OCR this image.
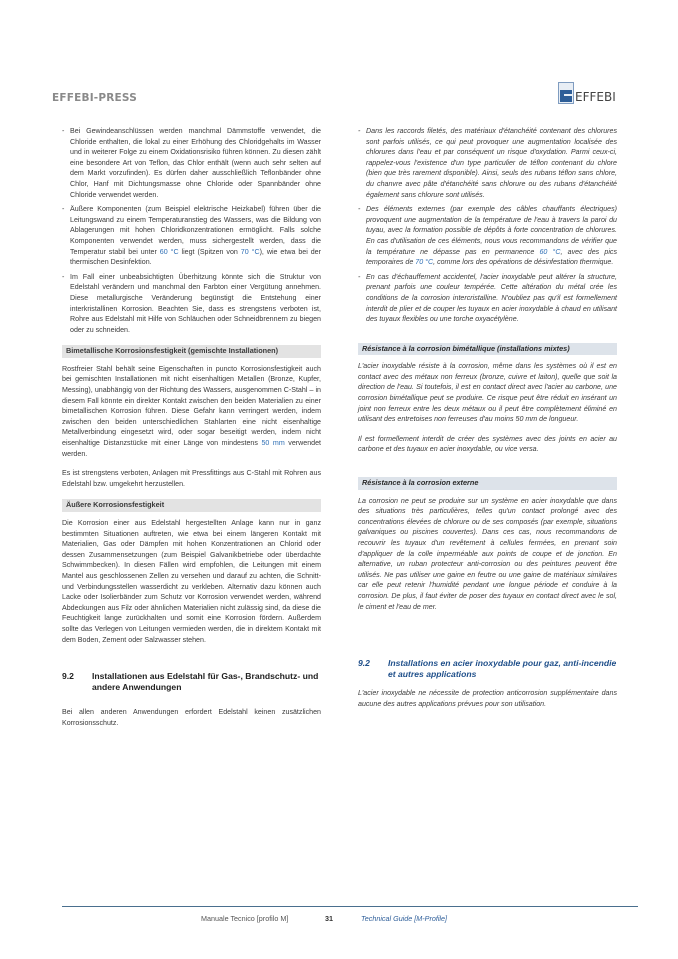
EFFEBI-PRESS	EFFEBI

- Bei Gewindeanschlüssen werden manchmal Dämmstoffe verwendet, die Chloride enthalten, die lokal zu einer Erhöhung des Chloridgehalts im Wasser und in weiterer Folge zu einem Oxidationsrisiko führen können. Zu diesen zählt eine besondere Art von Teflon, das Chlor enthält (wenn auch sehr selten auf dem Markt vorzufinden). Es dürfen daher ausschließlich Teflonbänder ohne Chlor, Hanf mit Dichtungsmasse ohne Chloride oder Spannbänder ohne Chloride verwendet werden.

- Äußere Komponenten (zum Beispiel elektrische Heizkabel) führen über die Leitungswand zu einem Temperaturanstieg des Wassers, was die Bildung von Ablagerungen mit hohen Chloridkonzentrationen ermöglicht. Falls solche Komponenten verwendet werden, muss sichergestellt werden, dass die Temperatur stabil bei unter 60 °C liegt (Spitzen von 70 °C), wie etwa bei der thermischen Desinfektion.

- Im Fall einer unbeabsichtigten Überhitzung könnte sich die Struktur von Edelstahl verändern und manchmal den Farbton einer Vergütung annehmen. Diese metallurgische Veränderung begünstigt die Entstehung einer interkristallinen Korrosion. Beachten Sie, dass es strengstens verboten ist, Rohre aus Edelstahl mit Hilfe von Schläuchen oder Schneidbrennern zu biegen oder zu schneiden.

Bimetallische Korrosionsfestigkeit (gemischte Installationen)

Rostfreier Stahl behält seine Eigenschaften in puncto Korrosionsfestigkeit auch bei gemischten Installationen mit nicht eisenhaltigen Metallen (Bronze, Kupfer, Messing), unabhängig von der Richtung des Wassers, ausgenommen C-Stahl – in diesem Fall könnte ein direkter Kontakt zwischen den beiden Materialien zu einer bimetallischen Korrosion führen. Diese Gefahr kann verringert werden, indem zwischen den beiden unterschiedlichen Stahlarten eine nicht eisenhaltige Metallverbindung eingesetzt wird, oder sogar beseitigt werden, indem nicht eisenhaltige Distanzstücke mit einer Länge von mindestens 50 mm verwendet werden.

Es ist strengstens verboten, Anlagen mit Pressfittings aus C-Stahl mit Rohren aus Edelstahl bzw. umgekehrt herzustellen.

Äußere Korrosionsfestigkeit

Die Korrosion einer aus Edelstahl hergestellten Anlage kann nur in ganz bestimmten Situationen auftreten, wie etwa bei einem längeren Kontakt mit Materialien, Gas oder Dämpfen mit hohen Konzentrationen an Chlorid oder dessen Zusammensetzungen (zum Beispiel Galvanikbetriebe oder überdachte Schwimmbecken). In diesen Fällen wird empfohlen, die Leitungen mit einem Mantel aus geschlossenen Zellen zu versehen und darauf zu achten, die Schnitt- und Verbindungsstellen wasserdicht zu verkleben. Alternativ dazu können auch Lacke oder Isolierbänder zum Schutz vor Korrosion verwendet werden, während Abdeckungen aus Filz oder ähnlichen Materialien nicht zulässig sind, da diese die Feuchtigkeit lange zurückhalten und somit eine Korrosion fördern. Außerdem sollte das Verlegen von Leitungen vermieden werden, die in direktem Kontakt mit dem Boden, Zement oder Salzwasser stehen.

9.2	Installationen aus Edelstahl für Gas-, Brandschutz- und andere Anwendungen

Bei allen anderen Anwendungen erfordert Edelstahl keinen zusätzlichen Korrosionsschutz.

- Dans les raccords filetés, des matériaux d'étanchéité contenant des chlorures sont parfois utilisés, ce qui peut provoquer une augmentation localisée des chlorures dans l'eau et par conséquent un risque d'oxydation. Parmi ceux-ci, rappelez-vous l'existence d'un type particulier de téflon contenant du chlore (bien que très rarement disponible). Ainsi, seuls des rubans téflon sans chlore, du chanvre avec pâte d'étanchéité sans chlorure ou des rubans d'étanchéité également sans chlorure sont utilisés.

- Des éléments externes (par exemple des câbles chauffants électriques) provoquent une augmentation de la température de l'eau à travers la paroi du tuyau, avec la formation possible de dépôts à forte concentration de chlorures. En cas d'utilisation de ces éléments, nous vous recommandons de vérifier que la température ne dépasse pas en permanence 60 °C, avec des pics temporaires de 70 °C, comme lors des opérations de désinfestation thermique.

- En cas d'échauffement accidentel, l'acier inoxydable peut altérer la structure, prenant parfois une couleur tempérée. Cette altération du métal crée les conditions de la corrosion intercristalline. N'oubliez pas qu'il est formellement interdit de plier et de couper les tuyaux en acier inoxydable à chaud en utilisant des tuyaux flexibles ou une torche oxyacétylène.

Résistance à la corrosion bimétallique (installations mixtes)

L'acier inoxydable résiste à la corrosion, même dans les systèmes où il est en contact avec des métaux non ferreux (bronze, cuivre et laiton), quelle que soit la direction de l'eau. Si toutefois, il est en contact direct avec l'acier au carbone, une corrosion bimétallique peut se produire. Ce risque peut être réduit en insérant un joint non ferreux entre les deux métaux ou il peut être complètement éliminé en utilisant des entretoises non ferreuses d'au moins 50 mm de longueur.

Il est formellement interdit de créer des systèmes avec des joints en acier au carbone et des tuyaux en acier inoxydable, ou vice versa.

Résistance à la corrosion externe

La corrosion ne peut se produire sur un système en acier inoxydable que dans des situations très particulières, telles qu'un contact prolongé avec des concentrations élevées de chlorure ou de ses composés (par exemple, situations galvaniques ou piscines couvertes). Dans ces cas, nous recommandons de recouvrir les tuyaux d'un revêtement à cellules fermées, en prenant soin d'appliquer de la colle imperméable aux points de coupe et de jonction. En alternative, un ruban protecteur anti-corrosion ou des peintures peuvent être utilisés. Ne pas utiliser une gaine en feutre ou une gaine de matériaux similaires car elle peut retenir l'humidité pendant une longue période et conduire à la corrosion. De plus, il faut éviter de poser des tuyaux en contact direct avec le sol, le ciment et l'eau de mer.

9.2	Installations en acier inoxydable pour gaz, anti-incendie et autres applications

L'acier inoxydable ne nécessite de protection anticorrosion supplémentaire dans aucune des autres applications prévues pour son utilisation.

Manuale Tecnico [profilo M]	31	Technical Guide [M-Profile]
